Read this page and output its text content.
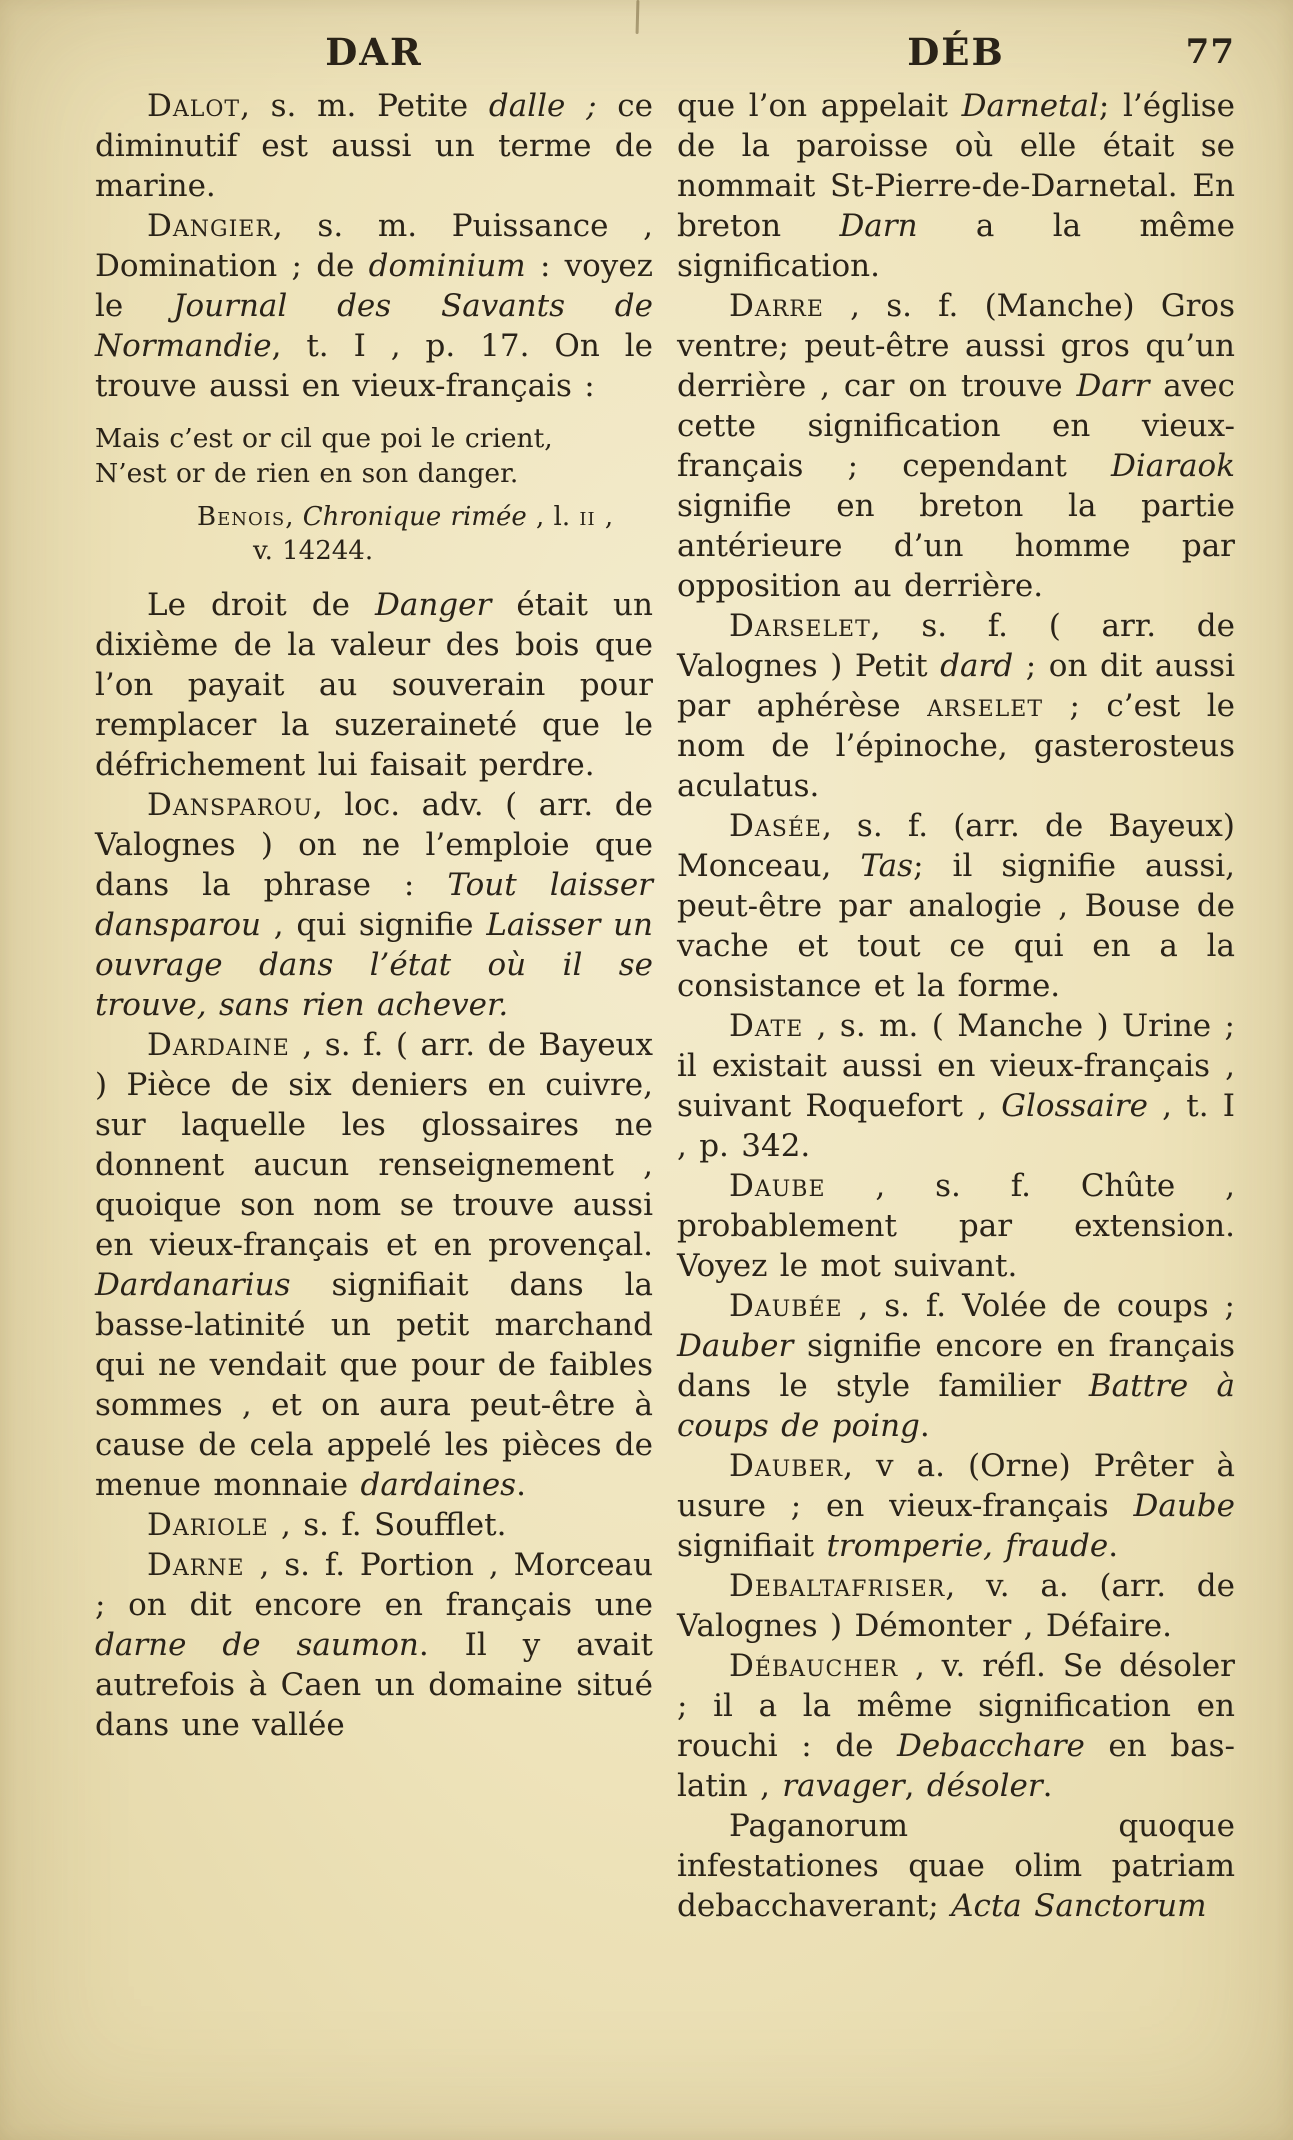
DAR	DÉB	77
Dalot, s. m. Petite dalle ; ce diminutif est aussi un terme de marine.
Dangier, s. m. Puissance , Domination ; de dominium : voyez le Journal des Savants de Normandie, t. I , p. 17. On le trouve aussi en vieux-français :
Mais c’est or cil que poi le crient,
N’est or de rien en son danger.
Benois, Chronique rimée , l. ii ,
v. 14244.
Le droit de Danger était un dixième de la valeur des bois que l’on payait au souverain pour remplacer la suzeraineté que le défrichement lui faisait perdre.
Dansparou, loc. adv. ( arr. de Valognes ) on ne l’emploie que dans la phrase : Tout laisser dansparou , qui signifie Laisser un ouvrage dans l’état où il se trouve, sans rien achever.
Dardaine , s. f. ( arr. de Bayeux ) Pièce de six deniers en cuivre, sur laquelle les glossaires ne donnent aucun renseignement , quoique son nom se trouve aussi en vieux-français et en provençal. Dardanarius signifiait dans la basse-latinité un petit marchand qui ne vendait que pour de faibles sommes , et on aura peut-être à cause de cela appelé les pièces de menue monnaie dardaines.
Dariole , s. f. Soufflet.
Darne , s. f. Portion , Morceau ; on dit encore en français une darne de saumon. Il y avait autrefois à Caen un domaine situé dans une vallée
que l’on appelait Darnetal; l’église de la paroisse où elle était se nommait St-Pierre-de-Darnetal. En breton Darn a la même signification.
Darre , s. f. (Manche) Gros ventre; peut-être aussi gros qu’un derrière , car on trouve Darr avec cette signification en vieux-français ; cependant Diaraok signifie en breton la partie antérieure d’un homme par opposition au derrière.
Darselet, s. f. ( arr. de Valognes ) Petit dard ; on dit aussi par aphérèse arselet ; c’est le nom de l’épinoche, gasterosteus aculatus.
Dasée, s. f. (arr. de Bayeux) Monceau, Tas; il signifie aussi, peut-être par analogie , Bouse de vache et tout ce qui en a la consistance et la forme.
Date , s. m. ( Manche ) Urine ; il existait aussi en vieux-français , suivant Roquefort , Glossaire , t. I , p. 342.
Daube , s. f. Chûte , probablement par extension. Voyez le mot suivant.
Daubée , s. f. Volée de coups ; Dauber signifie encore en français dans le style familier Battre à coups de poing.
Dauber, v a. (Orne) Prêter à usure ; en vieux-français Daube signifiait tromperie, fraude.
Debaltafriser, v. a. (arr. de Valognes ) Démonter , Défaire.
Débaucher , v. réfl. Se désoler ; il a la même signification en rouchi : de Debacchare en bas-latin , ravager, désoler.
Paganorum quoque infestationes quae olim patriam debacchaverant; Acta Sanctorum
